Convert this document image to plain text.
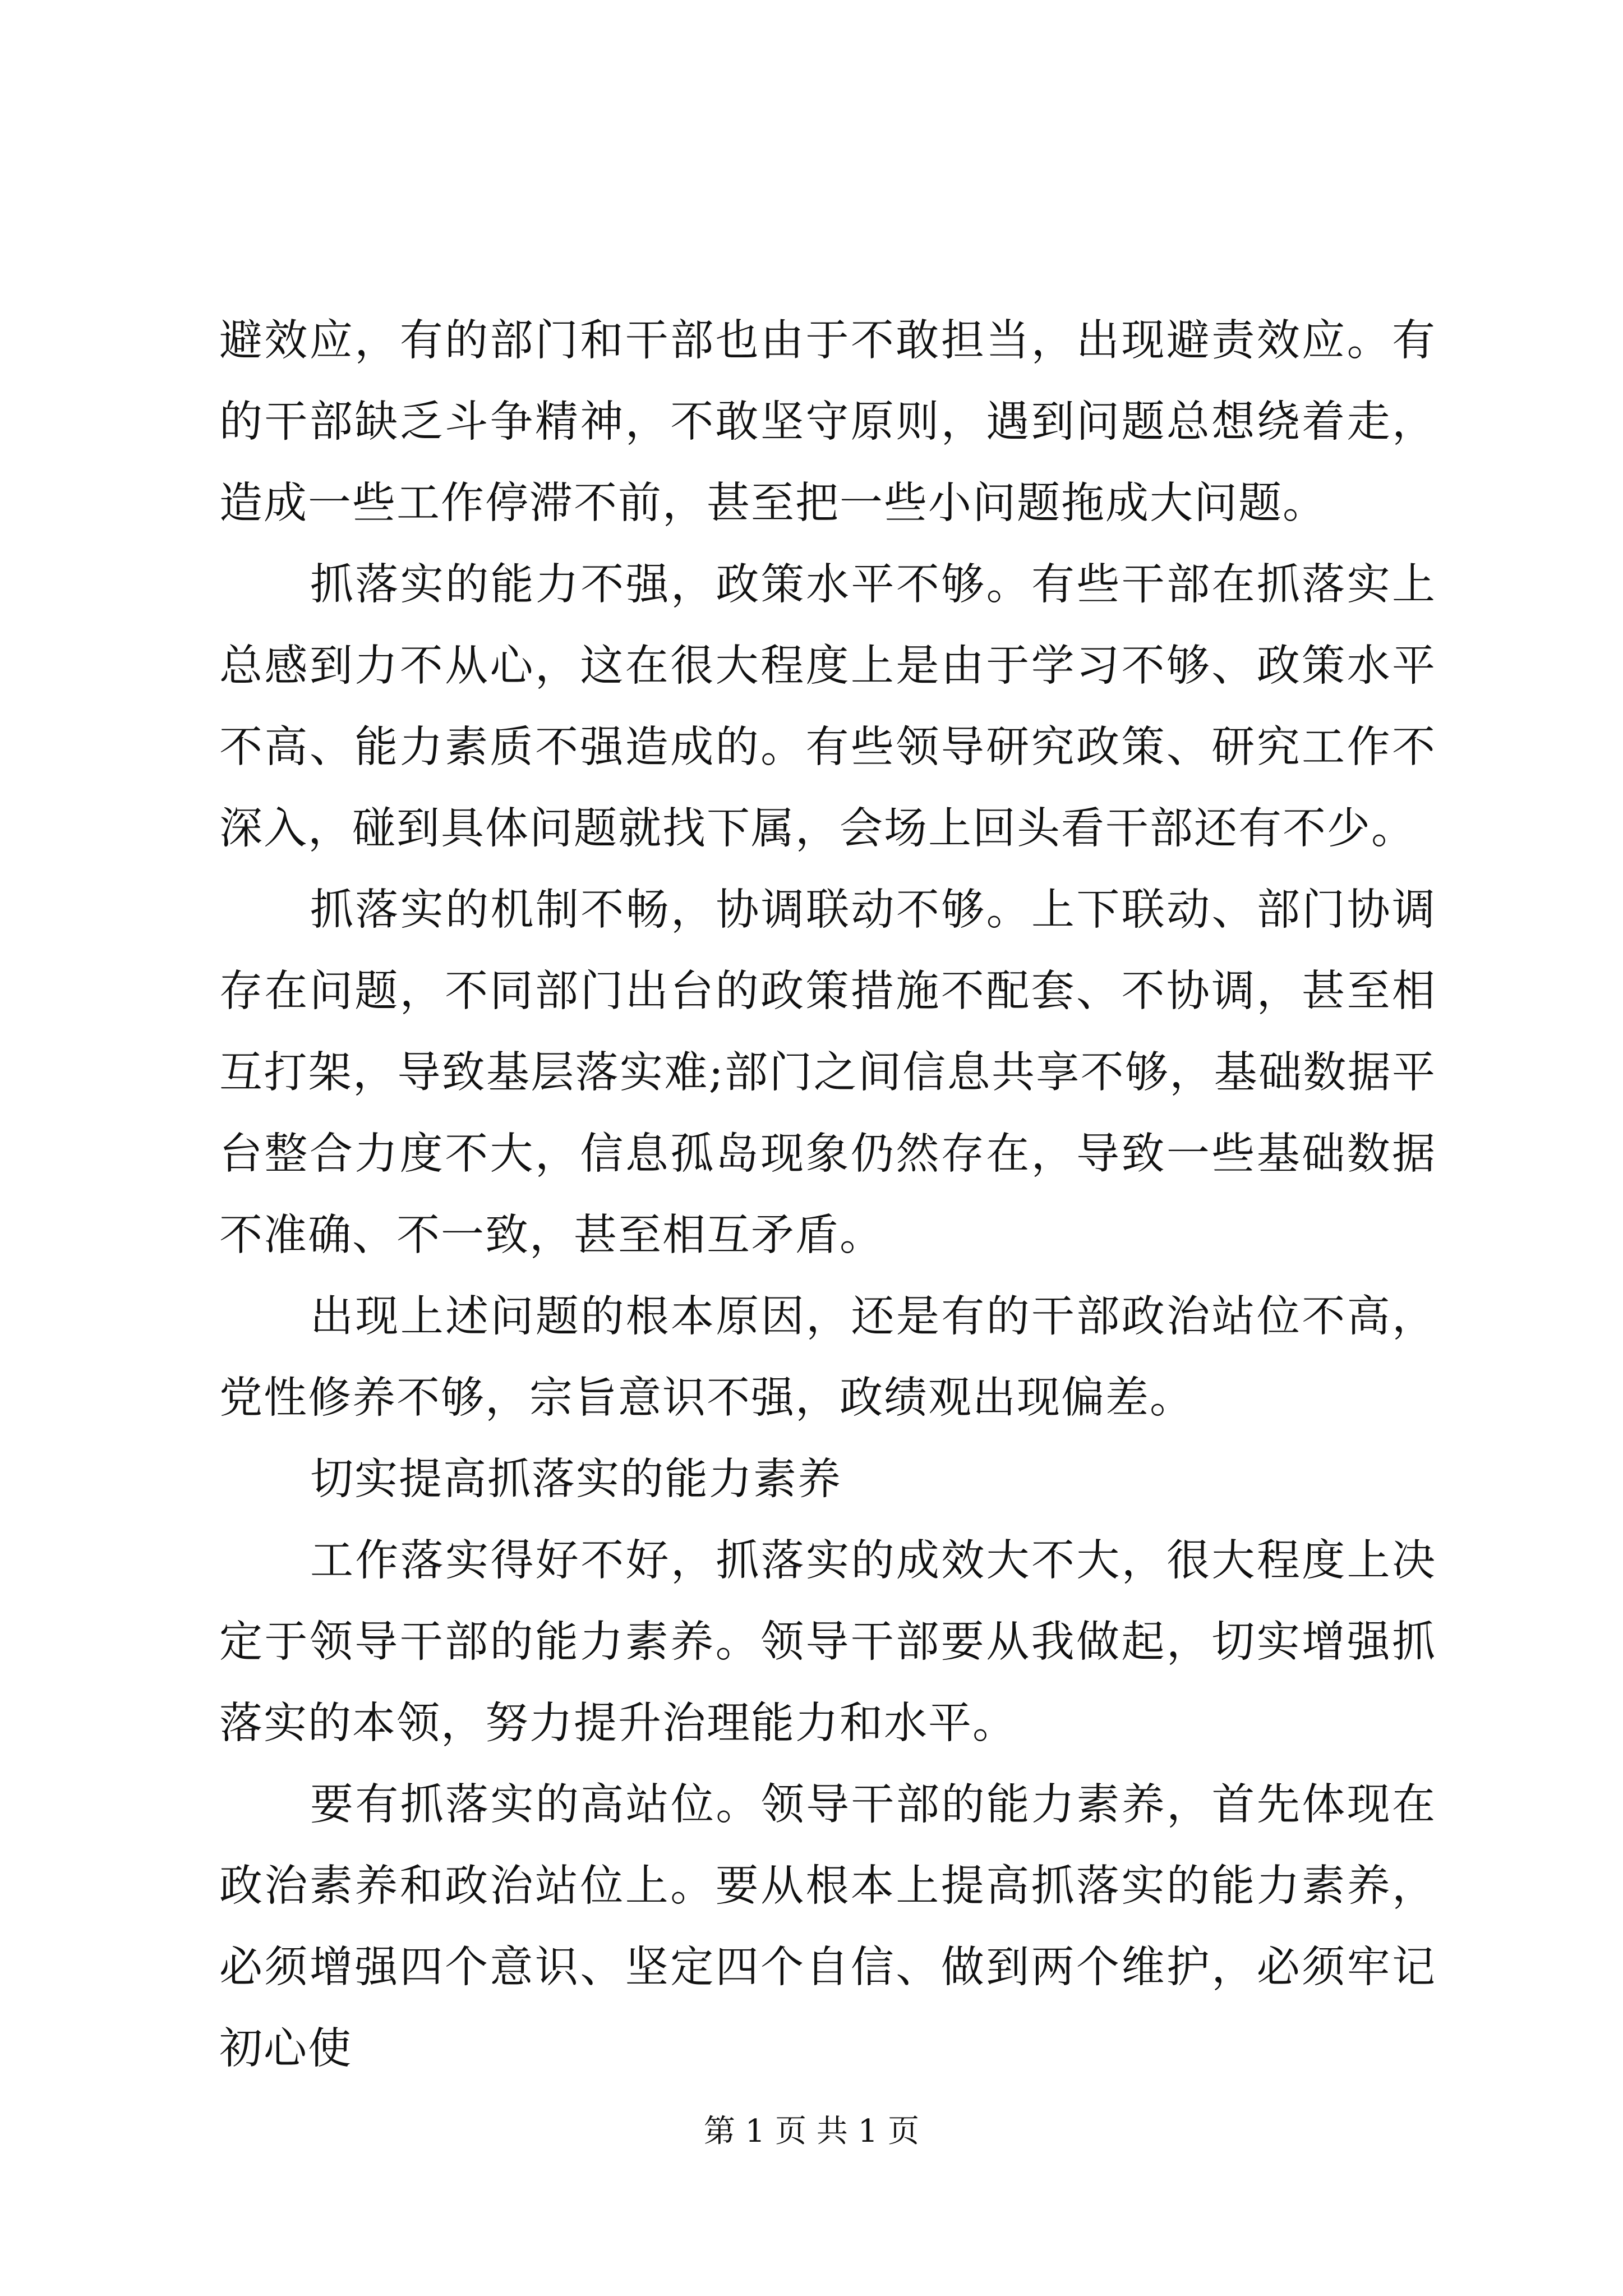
避效应，有的部门和干部也由于不敢担当，出现避责效应。有的干部缺乏斗争精神，不敢坚守原则，遇到问题总想绕着走，造成一些工作停滞不前，甚至把一些小问题拖成大问题。

抓落实的能力不强，政策水平不够。有些干部在抓落实上总感到力不从心，这在很大程度上是由于学习不够、政策水平不高、能力素质不强造成的。有些领导研究政策、研究工作不深入，碰到具体问题就找下属，会场上回头看干部还有不少。

抓落实的机制不畅，协调联动不够。上下联动、部门协调存在问题，不同部门出台的政策措施不配套、不协调，甚至相互打架，导致基层落实难;部门之间信息共享不够，基础数据平台整合力度不大，信息孤岛现象仍然存在，导致一些基础数据不准确、不一致，甚至相互矛盾。

出现上述问题的根本原因，还是有的干部政治站位不高，党性修养不够，宗旨意识不强，政绩观出现偏差。

切实提高抓落实的能力素养

工作落实得好不好，抓落实的成效大不大，很大程度上决定于领导干部的能力素养。领导干部要从我做起，切实增强抓落实的本领，努力提升治理能力和水平。

要有抓落实的高站位。领导干部的能力素养，首先体现在政治素养和政治站位上。要从根本上提高抓落实的能力素养，必须增强四个意识、坚定四个自信、做到两个维护，必须牢记初心使

第 1 页 共 1 页
